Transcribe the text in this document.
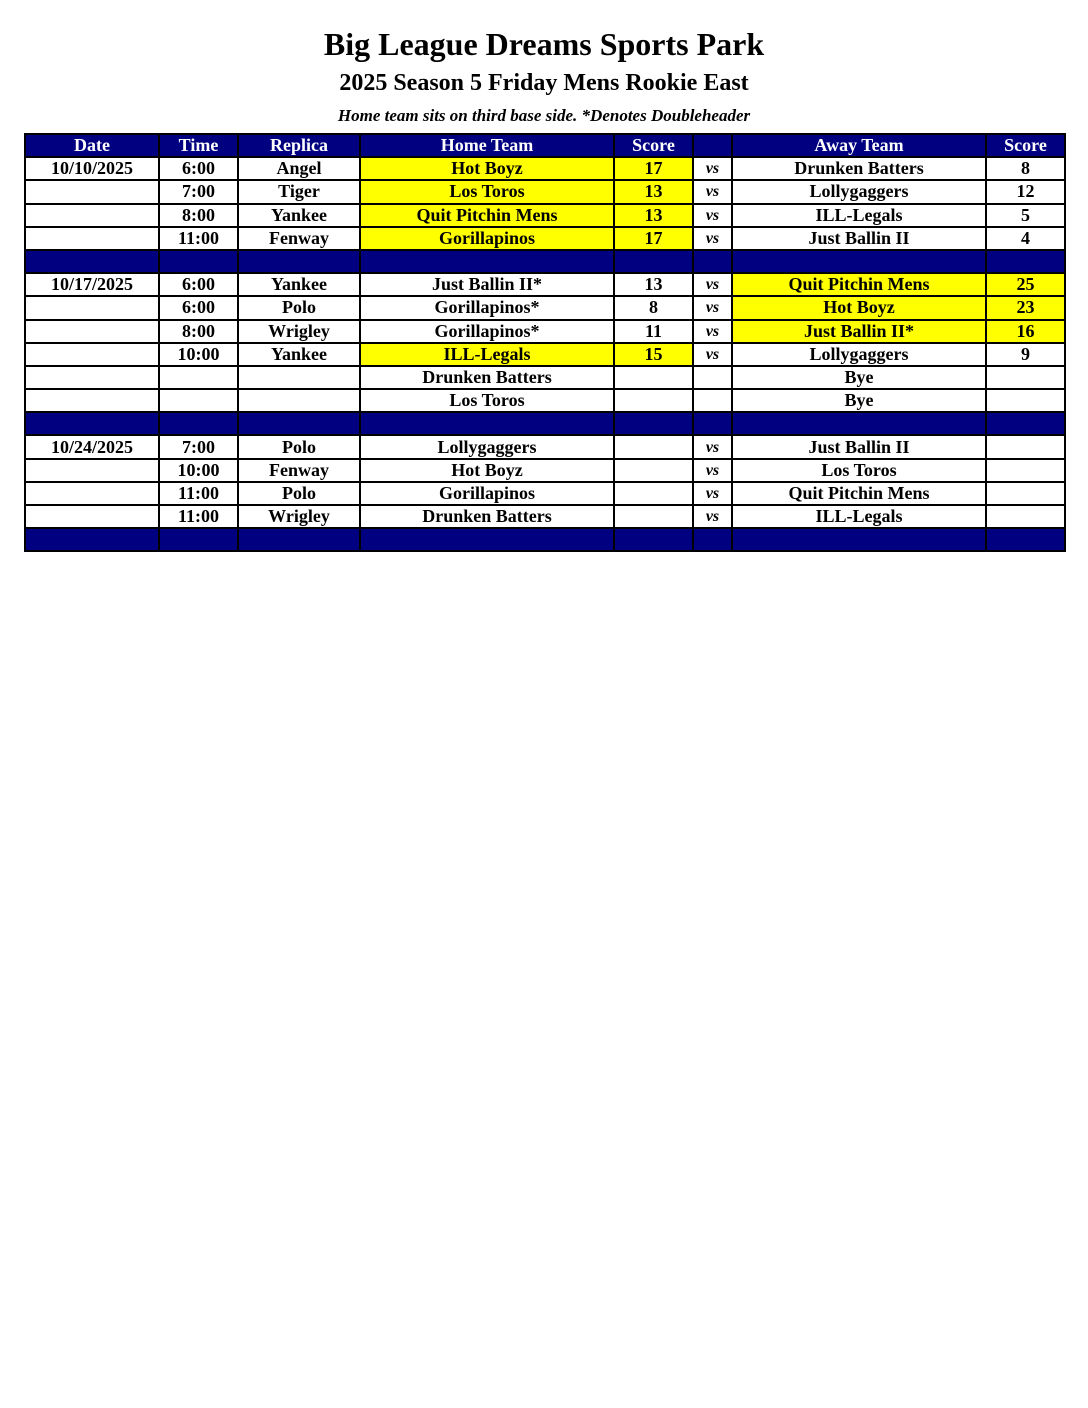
Big League Dreams Sports Park
2025 Season 5 Friday Mens Rookie East
Home team sits on third base side. *Denotes Doubleheader
Date	Time	Replica	Home Team	Score		Away Team	Score
10/10/2025	6:00	Angel	Hot Boyz	17	vs	Drunken Batters	8
	7:00	Tiger	Los Toros	13	vs	Lollygaggers	12
	8:00	Yankee	Quit Pitchin Mens	13	vs	ILL-Legals	5
	11:00	Fenway	Gorillapinos	17	vs	Just Ballin II	4

10/17/2025	6:00	Yankee	Just Ballin II*	13	vs	Quit Pitchin Mens	25
	6:00	Polo	Gorillapinos*	8	vs	Hot Boyz	23
	8:00	Wrigley	Gorillapinos*	11	vs	Just Ballin II*	16
	10:00	Yankee	ILL-Legals	15	vs	Lollygaggers	9
			Drunken Batters			Bye	
			Los Toros			Bye	

10/24/2025	7:00	Polo	Lollygaggers		vs	Just Ballin II	
	10:00	Fenway	Hot Boyz		vs	Los Toros	
	11:00	Polo	Gorillapinos		vs	Quit Pitchin Mens	
	11:00	Wrigley	Drunken Batters		vs	ILL-Legals	
